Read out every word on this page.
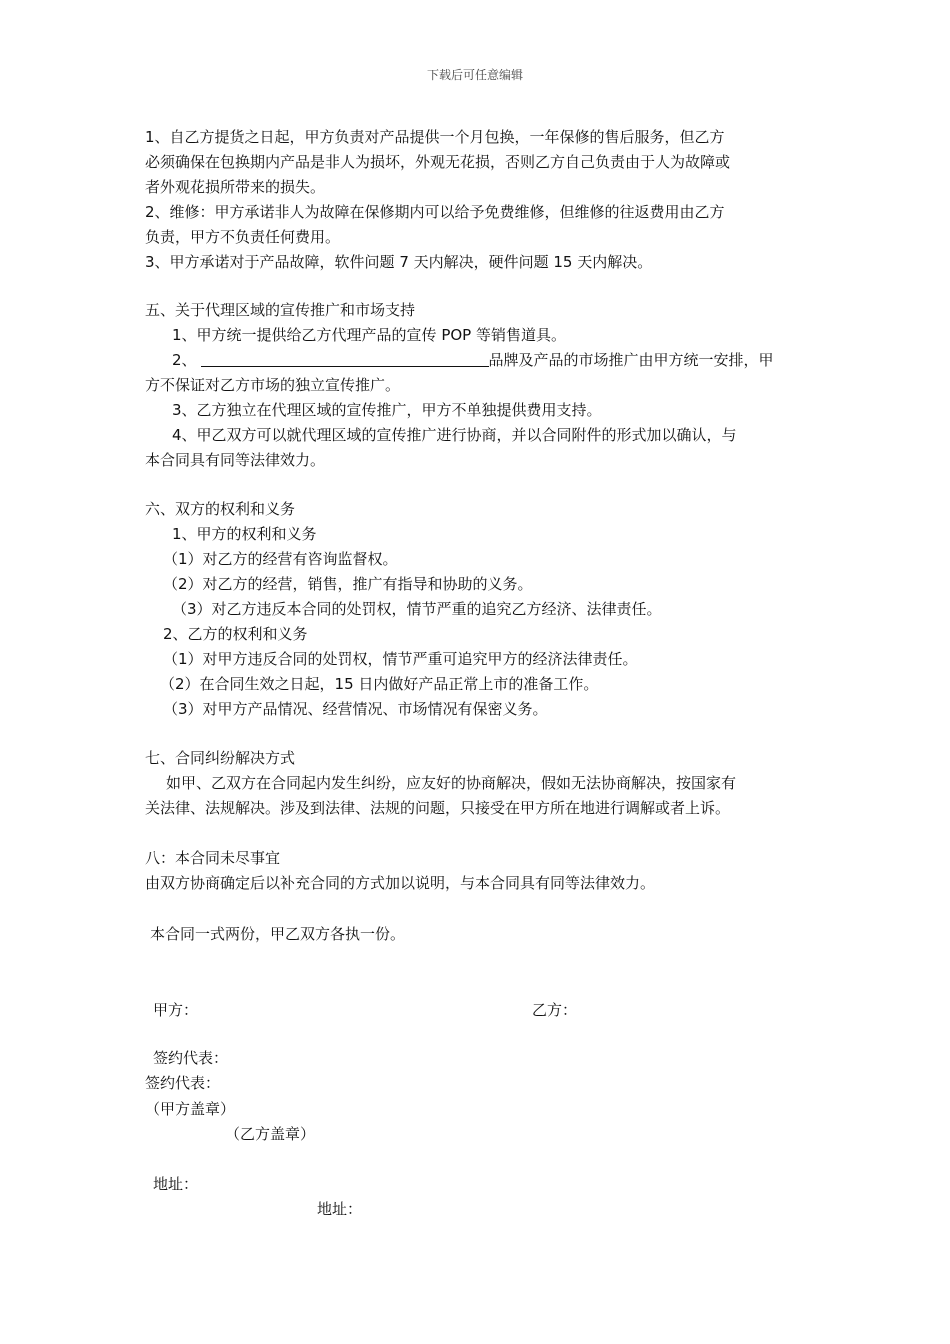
下载后可任意编辑
1、自乙方提货之日起，甲方负责对产品提供一个月包换，一年保修的售后服务，但乙方
必须确保在包换期内产品是非人为损坏，外观无花损，否则乙方自己负责由于人为故障或
者外观花损所带来的损失。
2、维修：甲方承诺非人为故障在保修期内可以给予免费维修，但维修的往返费用由乙方
负责，甲方不负责任何费用。
3、甲方承诺对于产品故障，软件问题 7 天内解决，硬件问题 15 天内解决。
五、关于代理区域的宣传推广和市场支持
1、甲方统一提供给乙方代理产品的宣传 POP 等销售道具。
2、	品牌及产品的市场推广由甲方统一安排，甲
方不保证对乙方市场的独立宣传推广。
3、乙方独立在代理区域的宣传推广，甲方不单独提供费用支持。
4、甲乙双方可以就代理区域的宣传推广进行协商，并以合同附件的形式加以确认，与
本合同具有同等法律效力。
六、双方的权利和义务
1、甲方的权利和义务
（1）对乙方的经营有咨询监督权。
（2）对乙方的经营，销售，推广有指导和协助的义务。
（3）对乙方违反本合同的处罚权，情节严重的追究乙方经济、法律责任。
2、乙方的权利和义务
（1）对甲方违反合同的处罚权，情节严重可追究甲方的经济法律责任。
（2）在合同生效之日起，15 日内做好产品正常上市的准备工作。
（3）对甲方产品情况、经营情况、市场情况有保密义务。
七、合同纠纷解决方式
如甲、乙双方在合同起内发生纠纷，应友好的协商解决，假如无法协商解决，按国家有
关法律、法规解决。涉及到法律、法规的问题，只接受在甲方所在地进行调解或者上诉。
八：本合同未尽事宜
由双方协商确定后以补充合同的方式加以说明，与本合同具有同等法律效力。
本合同一式两份，甲乙双方各执一份。
甲方：	乙方：
签约代表：
签约代表：
（甲方盖章）
（乙方盖章）
地址：
地址：
